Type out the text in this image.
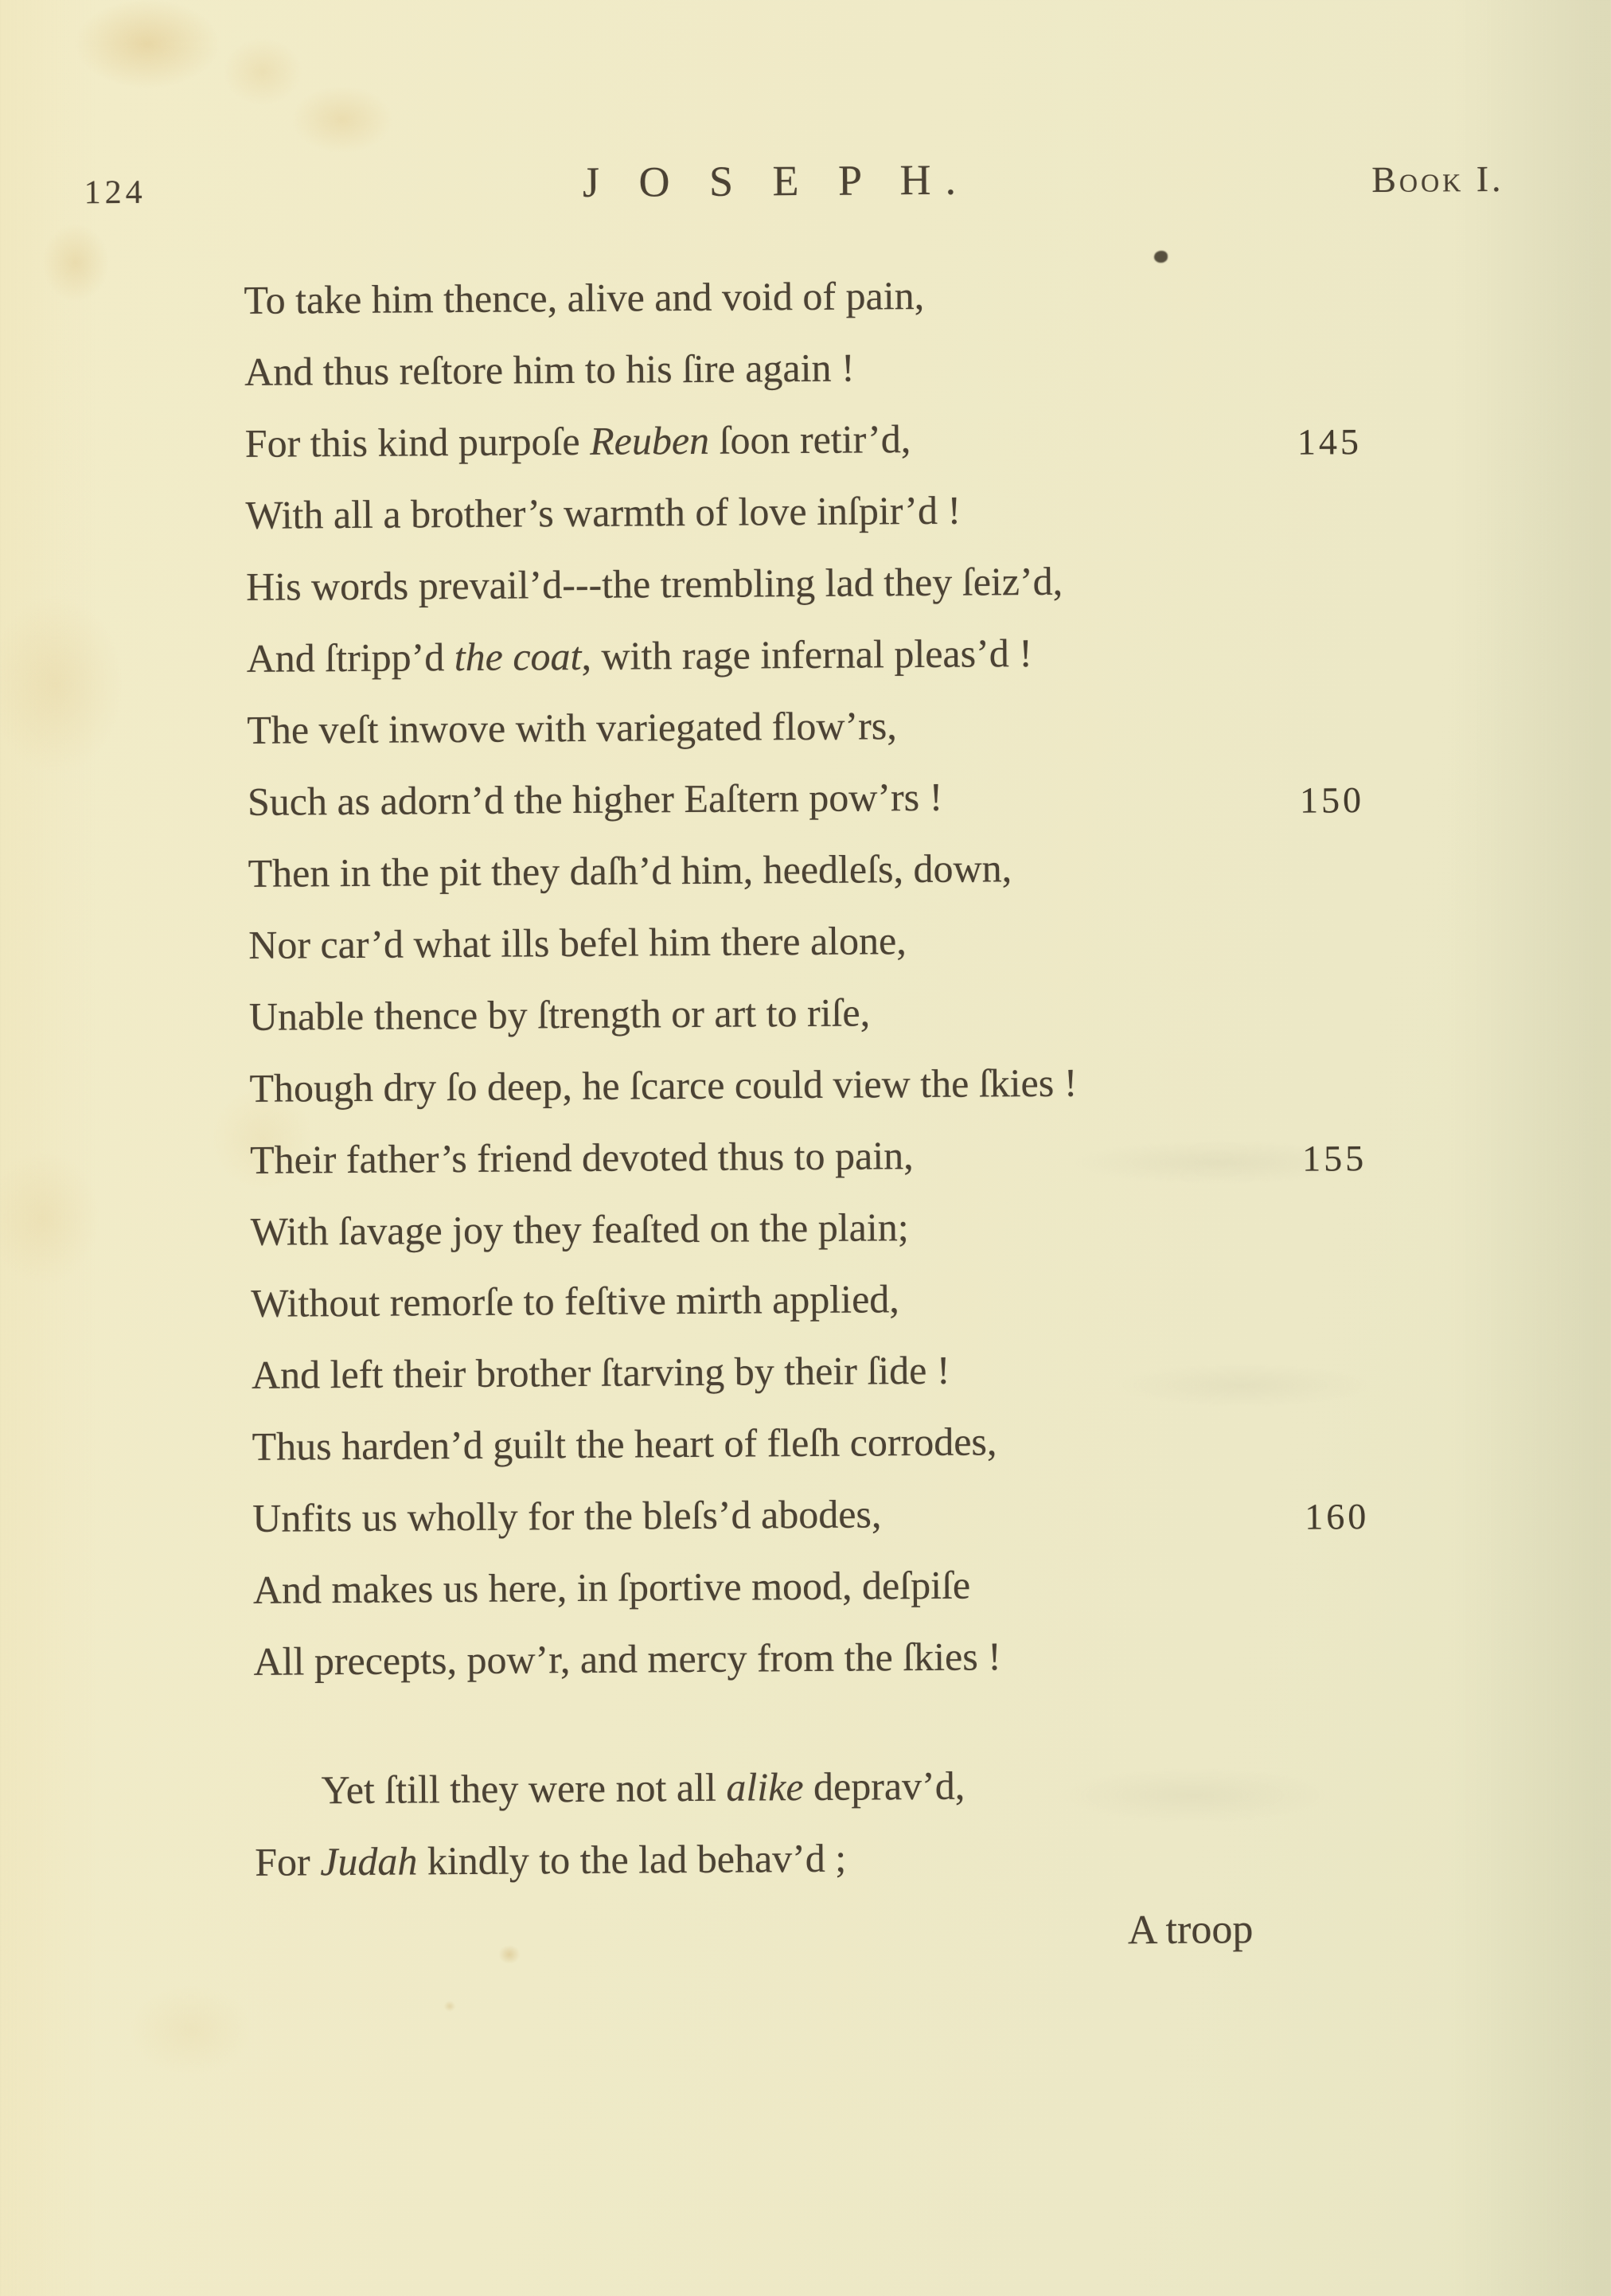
124	J O S E P H.	Book I.
To take him thence, alive and void of pain,
And thus reſtore him to his ſire again !
For this kind purpoſe Reuben ſoon retir’d,	145
With all a brother’s warmth of love inſpir’d !
His words prevail’d---the trembling lad they ſeiz’d,
And ſtripp’d the coat, with rage infernal pleas’d !
The veſt inwove with variegated flow’rs,
Such as adorn’d the higher Eaſtern pow’rs !	150
Then in the pit they daſh’d him, heedleſs, down,
Nor car’d what ills befel him there alone,
Unable thence by ſtrength or art to riſe,
Though dry ſo deep, he ſcarce could view the ſkies !
Their father’s friend devoted thus to pain,	155
With ſavage joy they feaſted on the plain;
Without remorſe to feſtive mirth applied,
And left their brother ſtarving by their ſide !
Thus harden’d guilt the heart of fleſh corrodes,
Unfits us wholly for the bleſs’d abodes,	160
And makes us here, in ſportive mood, deſpiſe
All precepts, pow’r, and mercy from the ſkies !
Yet ſtill they were not all alike deprav’d,
For Judah kindly to the lad behav’d ;
A troop
